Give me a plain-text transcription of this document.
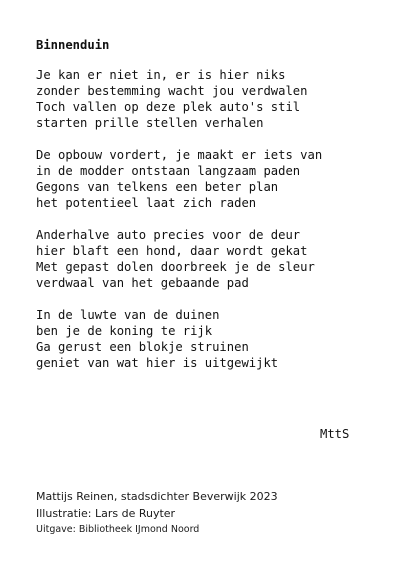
Binnenduin
Je kan er niet in, er is hier niks
zonder bestemming wacht jou verdwalen
Toch vallen op deze plek auto's stil
starten prille stellen verhalen
De opbouw vordert, je maakt er iets van
in de modder ontstaan langzaam paden
Gegons van telkens een beter plan
het potentieel laat zich raden
Anderhalve auto precies voor de deur
hier blaft een hond, daar wordt gekat
Met gepast dolen doorbreek je de sleur
verdwaal van het gebaande pad
In de luwte van de duinen
ben je de koning te rijk
Ga gerust een blokje struinen
geniet van wat hier is uitgewijkt
MttS
Mattijs Reinen, stadsdichter Beverwijk 2023
Illustratie: Lars de Ruyter
Uitgave: Bibliotheek IJmond Noord
